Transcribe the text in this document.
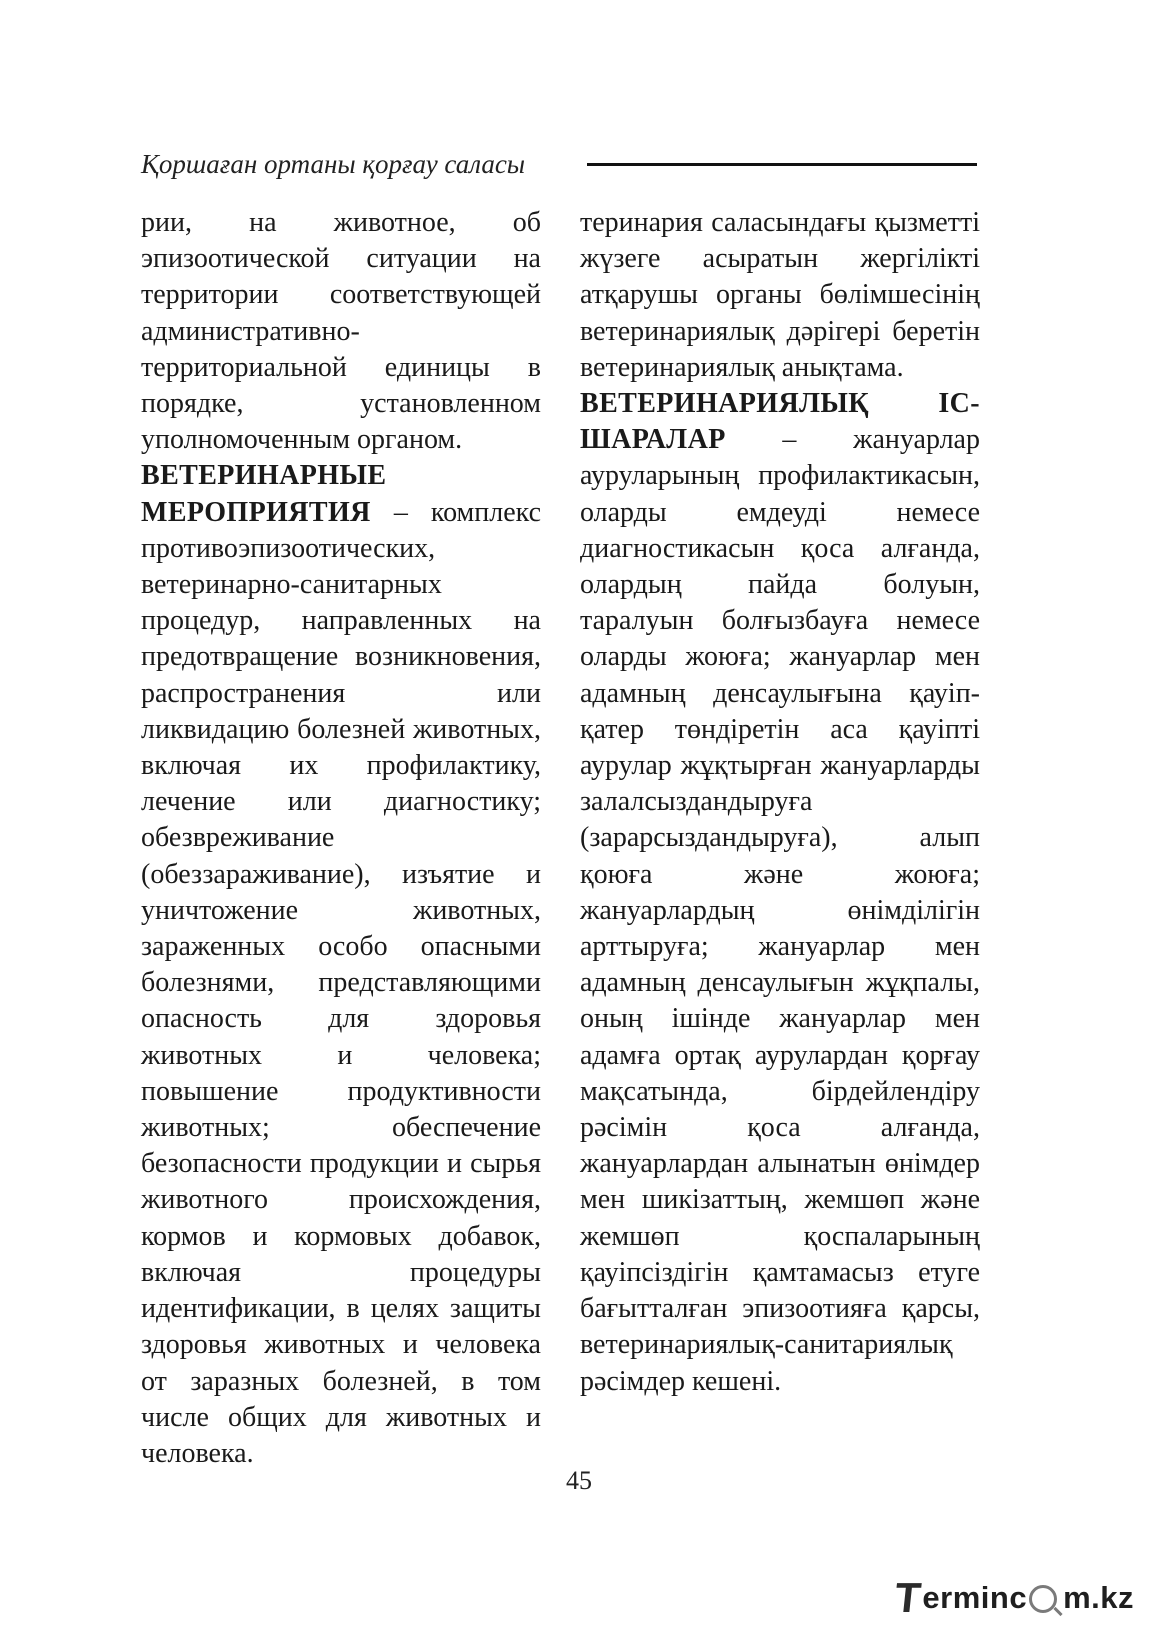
Қоршаған ортаны қорғау саласы

рии, на животное, об эпизоотической ситуации на территории соответствующей административно-территориальной единицы в порядке, установленном уполномоченным органом.

ВЕТЕРИНАРНЫЕ МЕРОПРИЯТИЯ – комплекс противоэпизоотических, ветеринарно-санитарных процедур, направленных на предотвращение возникновения, распространения или ликвидацию болезней животных, включая их профилактику, лечение или диагностику; обезвреживание (обеззараживание), изъятие и уничтожение животных, зараженных особо опасными болезнями, представляющими опасность для здоровья животных и человека; повышение продуктивности животных; обеспечение безопасности продукции и сырья животного происхождения, кормов и кормовых добавок, включая процедуры идентификации, в целях защиты здоровья животных и человека от заразных болезней, в том числе общих для животных и человека.

теринария саласындағы қызметті жүзеге асыратын жергілікті атқарушы органы бөлімшесінің ветеринариялық дәрігері беретін ветеринариялық анықтама.

ВЕТЕРИНАРИЯЛЫҚ ІС-ШАРАЛАР – жануарлар ауруларының профилактикасын, оларды емдеуді немесе диагностикасын қоса алғанда, олардың пайда болуын, таралуын болғызбауға немесе оларды жоюға; жануарлар мен адамның денсаулығына қауіп-қатер төндіретін аса қауіпті аурулар жұқтырған жануарларды залалсыздандыруға (зарарсыздандыруға), алып қоюға және жоюға; жануарлардың өнімділігін арттыруға; жануарлар мен адамның денсаулығын жұқпалы, оның ішінде жануарлар мен адамға ортақ аурулардан қорғау мақсатында, бірдейлендіру рәсімін қоса алғанда, жануарлардан алынатын өнімдер мен шикізаттың, жемшөп және жемшөп қоспаларының қауіпсіздігін қамтамасыз етуге бағытталған эпизоотияға қарсы, ветеринариялық-санитариялық рәсімдер кешені.

45
T
erminc m.kz
